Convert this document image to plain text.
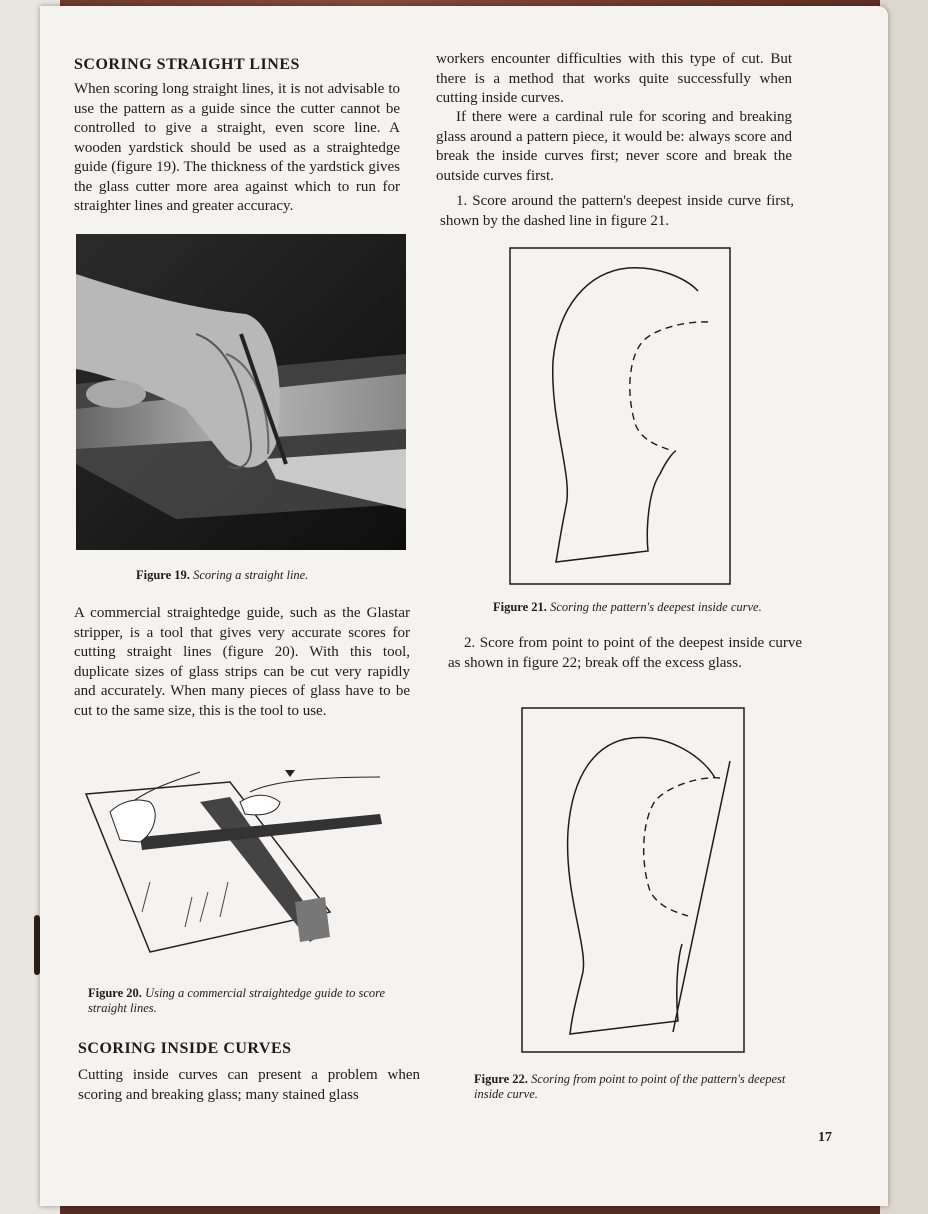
SCORING STRAIGHT LINES
When scoring long straight lines, it is not advisable to use the pattern as a guide since the cutter cannot be controlled to give a straight, even score line. A wooden yardstick should be used as a straightedge guide (figure 19). The thickness of the yardstick gives the glass cutter more area against which to run for straighter lines and greater accuracy.
Figure 19. Scoring a straight line.
A commercial straightedge guide, such as the Glastar stripper, is a tool that gives very accurate scores for cutting straight lines (figure 20). With this tool, duplicate sizes of glass strips can be cut very rapidly and accurately. When many pieces of glass have to be cut to the same size, this is the tool to use.
Figure 20. Using a commercial straightedge guide to score straight lines.
SCORING INSIDE CURVES
Cutting inside curves can present a problem when scoring and breaking glass; many stained glass
workers encounter difficulties with this type of cut. But there is a method that works quite successfully when cutting inside curves.
If there were a cardinal rule for scoring and breaking glass around a pattern piece, it would be: always score and break the inside curves first; never score and break the outside curves first.
1. Score around the pattern's deepest inside curve first, shown by the dashed line in figure 21.
Figure 21. Scoring the pattern's deepest inside curve.
2. Score from point to point of the deepest inside curve as shown in figure 22; break off the excess glass.
Figure 22. Scoring from point to point of the pattern's deepest inside curve.
17
